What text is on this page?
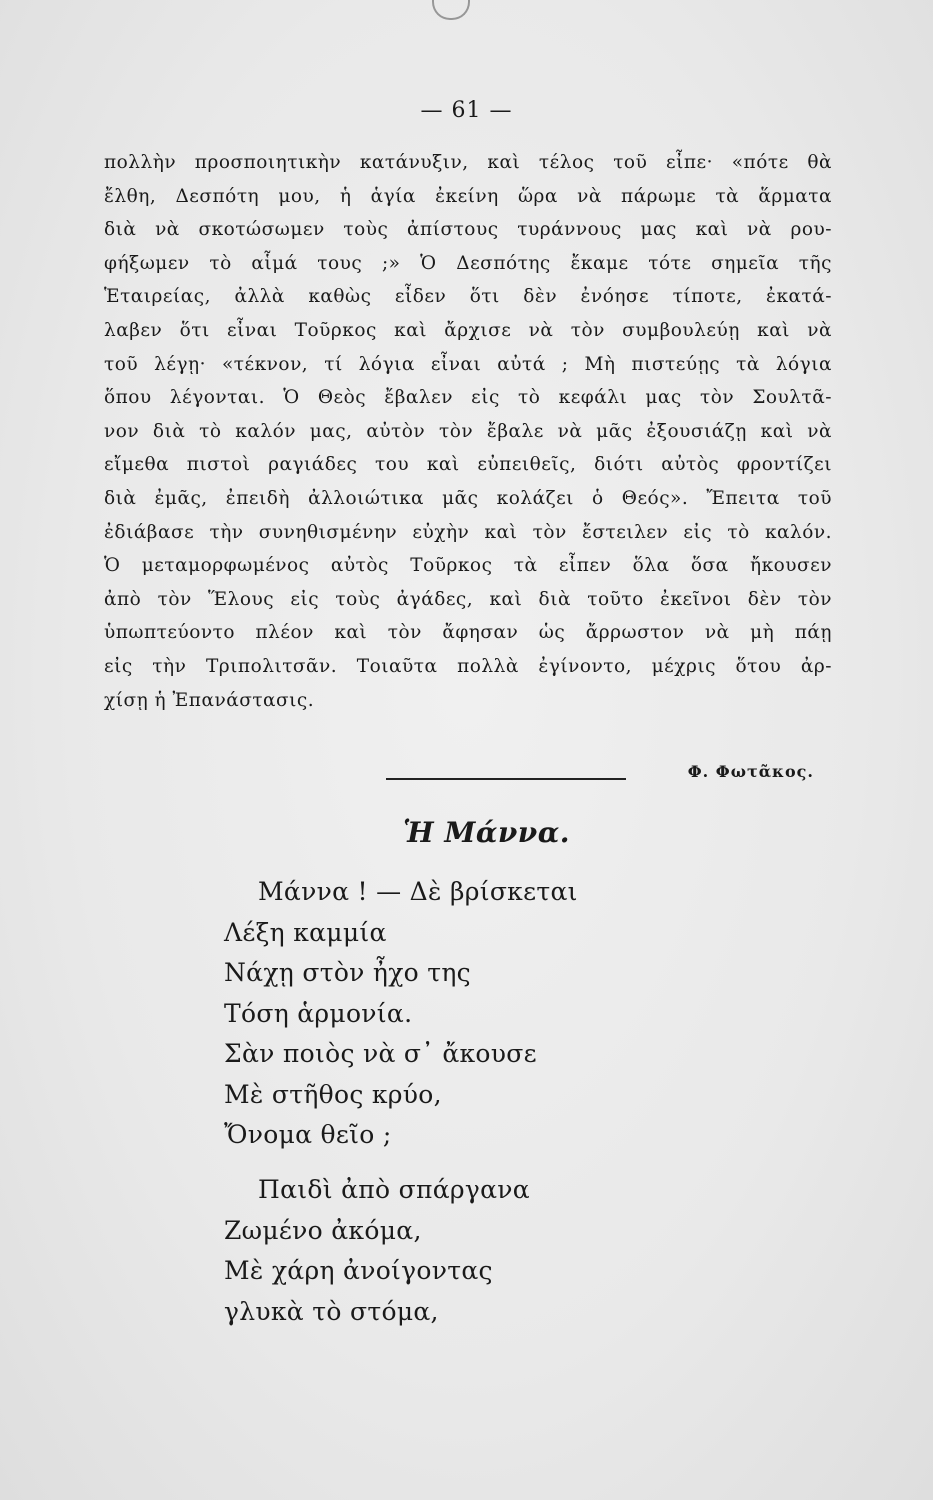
— 61 —
πολλὴν προσποιητικὴν κατάνυξιν, καὶ τέλος τοῦ εἶπε· «πότε θὰ
ἔλθη, Δεσπότη μου, ἡ ἁγία ἐκείνη ὥρα νὰ πάρωμε τὰ ἅρματα
διὰ νὰ σκοτώσωμεν τοὺς ἀπίστους τυράννους μας καὶ νὰ ρου-
φήξωμεν τὸ αἷμά τους ;» Ὁ Δεσπότης ἔκαμε τότε σημεῖα τῆς
Ἑταιρείας, ἀλλὰ καθὼς εἶδεν ὅτι δὲν ἐνόησε τίποτε, ἐκατά-
λαβεν ὅτι εἶναι Τοῦρκος καὶ ἄρχισε νὰ τὸν συμβουλεύῃ καὶ νὰ
τοῦ λέγῃ· «τέκνον, τί λόγια εἶναι αὐτά ; Μὴ πιστεύῃς τὰ λόγια
ὅπου λέγονται. Ὁ Θεὸς ἔβαλεν εἰς τὸ κεφάλι μας τὸν Σουλτᾶ-
νον διὰ τὸ καλόν μας, αὐτὸν τὸν ἔβαλε νὰ μᾶς ἐξουσιάζῃ καὶ νὰ
εἴμεθα πιστοὶ ραγιάδες του καὶ εὐπειθεῖς, διότι αὐτὸς φροντίζει
διὰ ἐμᾶς, ἐπειδὴ ἀλλοιώτικα μᾶς κολάζει ὁ Θεός». Ἔπειτα τοῦ
ἐδιάβασε τὴν συνηθισμένην εὐχὴν καὶ τὸν ἔστειλεν εἰς τὸ καλόν.
Ὁ μεταμορφωμένος αὐτὸς Τοῦρκος τὰ εἶπεν ὅλα ὅσα ἤκουσεν
ἀπὸ τὸν Ἕλους εἰς τοὺς ἀγάδες, καὶ διὰ τοῦτο ἐκεῖνοι δὲν τὸν
ὑπωπτεύοντο πλέον καὶ τὸν ἄφησαν ὡς ἄρρωστον νὰ μὴ πάῃ
εἰς τὴν Τριπολιτσᾶν. Τοιαῦτα πολλὰ ἐγίνοντο, μέχρις ὅτου ἀρ-
χίσῃ ἡ Ἐπανάστασις.
Φ. Φωτᾶκος.
Ἡ Μάννα.
Μάννα ! — Δὲ βρίσκεται
Λέξη καμμία
Νάχῃ στὸν ἦχο της
Τόση ἁρμονία.
Σὰν ποιὸς νὰ σ᾽ ἄκουσε
Μὲ στῆθος κρύο,
Ὄνομα θεῖο ;
Παιδὶ ἀπὸ σπάργανα
Ζωμένο ἀκόμα,
Μὲ χάρη ἀνοίγοντας
γλυκὰ τὸ στόμα,
